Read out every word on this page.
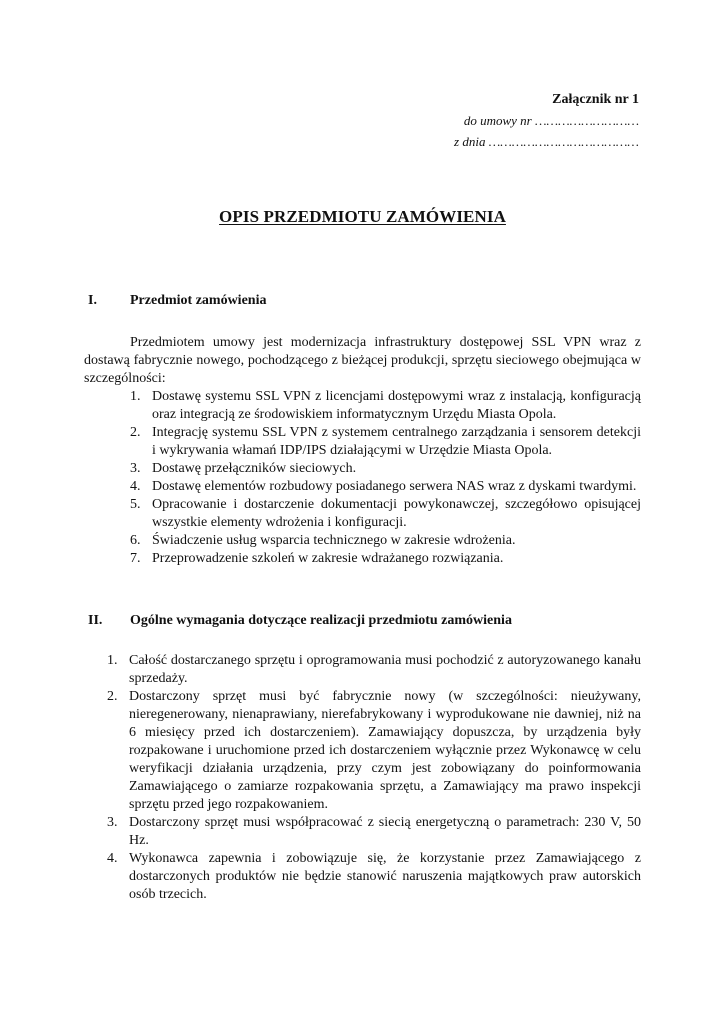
Załącznik nr 1
do umowy nr ………………………
z dnia …………………………………
OPIS PRZEDMIOTU ZAMÓWIENIA
I. Przedmiot zamówienia

Przedmiotem umowy jest modernizacja infrastruktury dostępowej SSL VPN wraz z dostawą fabrycznie nowego, pochodzącego z bieżącej produkcji, sprzętu sieciowego obejmująca w szczególności:

1. Dostawę systemu SSL VPN z licencjami dostępowymi wraz z instalacją, konfiguracją oraz integracją ze środowiskiem informatycznym Urzędu Miasta Opola.
2. Integrację systemu SSL VPN z systemem centralnego zarządzania i sensorem detekcji i wykrywania włamań IDP/IPS działającymi w Urzędzie Miasta Opola.
3. Dostawę przełączników sieciowych.
4. Dostawę elementów rozbudowy posiadanego serwera NAS wraz z dyskami twardymi.
5. Opracowanie i dostarczenie dokumentacji powykonawczej, szczegółowo opisującej wszystkie elementy wdrożenia i konfiguracji.
6. Świadczenie usług wsparcia technicznego w zakresie wdrożenia.
7. Przeprowadzenie szkoleń w zakresie wdrażanego rozwiązania.
II. Ogólne wymagania dotyczące realizacji przedmiotu zamówienia
1. Całość dostarczanego sprzętu i oprogramowania musi pochodzić z autoryzowanego kanału sprzedaży.
2. Dostarczony sprzęt musi być fabrycznie nowy (w szczególności: nieużywany, nieregenerowany, nienaprawiany, nierefabrykowany i wyprodukowane nie dawniej, niż na 6 miesięcy przed ich dostarczeniem). Zamawiający dopuszcza, by urządzenia były rozpakowane i uruchomione przed ich dostarczeniem wyłącznie przez Wykonawcę w celu weryfikacji działania urządzenia, przy czym jest zobowiązany do poinformowania Zamawiającego o zamiarze rozpakowania sprzętu, a Zamawiający ma prawo inspekcji sprzętu przed jego rozpakowaniem.
3. Dostarczony sprzęt musi współpracować z siecią energetyczną o parametrach: 230 V, 50 Hz.
4. Wykonawca zapewnia i zobowiązuje się, że korzystanie przez Zamawiającego z dostarczonych produktów nie będzie stanowić naruszenia majątkowych praw autorskich osób trzecich.
